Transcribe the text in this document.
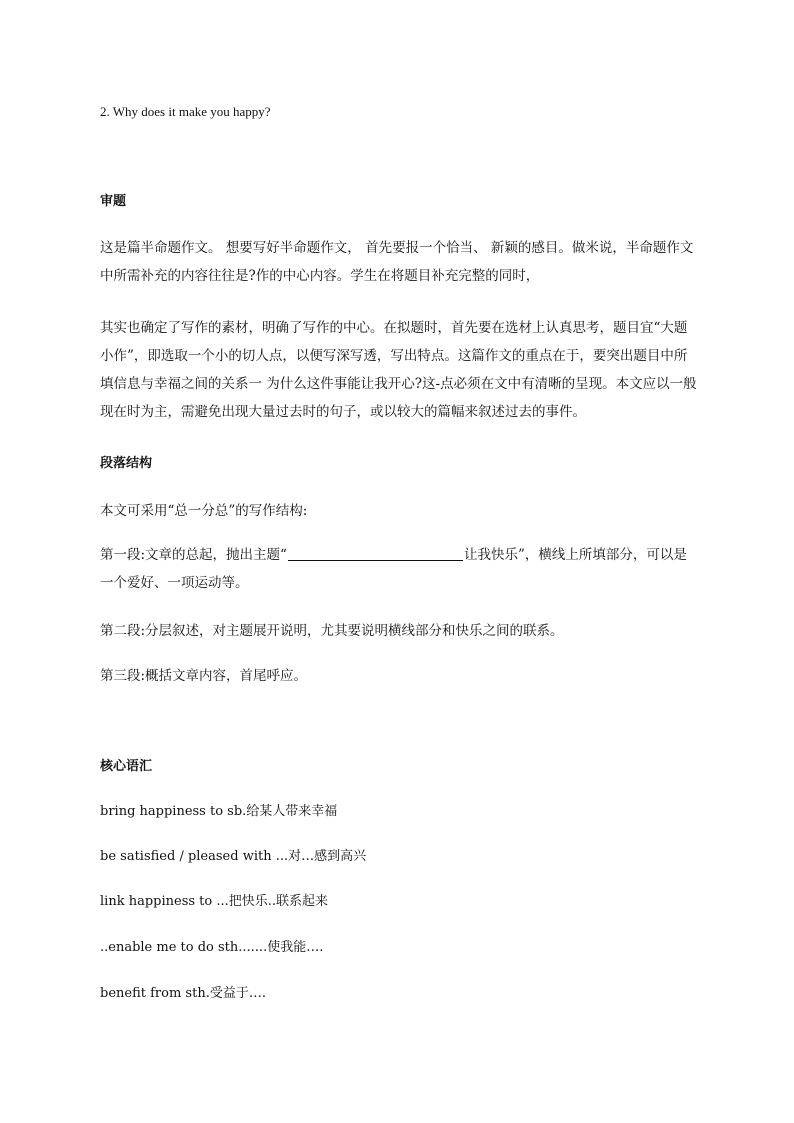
2. Why does it make you happy?
审题
这是篇半命题作文。 想要写好半命题作文， 首先要报一个恰当、 新颖的感目。做米说，半命题作文中所需补充的内容往往是?作的中心内容。学生在将题目补充完整的同时，
其实也确定了写作的素材，明确了写作的中心。在拟题时，首先要在选材上认真思考，题目宜“大题小作”，即选取一个小的切人点，以便写深写透，写出特点。这篇作文的重点在于，要突出题目中所填信息与幸福之间的关系一 为什么这件事能让我开心?这-点必须在文中有清晰的呈现。本文应以一般现在时为主，需避免出现大量过去时的句子，或以较大的篇幅来叙述过去的事件。
段落结构
本文可采用“总一分总”的写作结构:
第一段:文章的总起，抛出主题“	让我快乐”，横线上所填部分，可以是一个爱好、一项运动等。
第二段:分层叙述，对主题展开说明，尤其要说明横线部分和快乐之间的联系。
第三段:概括文章内容，首尾呼应。
核心语汇
bring happiness to sb.给某人带来幸福
be satisfied / pleased with ...对…感到高兴
link happiness to ...把快乐..联系起来
..enable me to do sth.......使我能….
benefit from sth.受益于….
